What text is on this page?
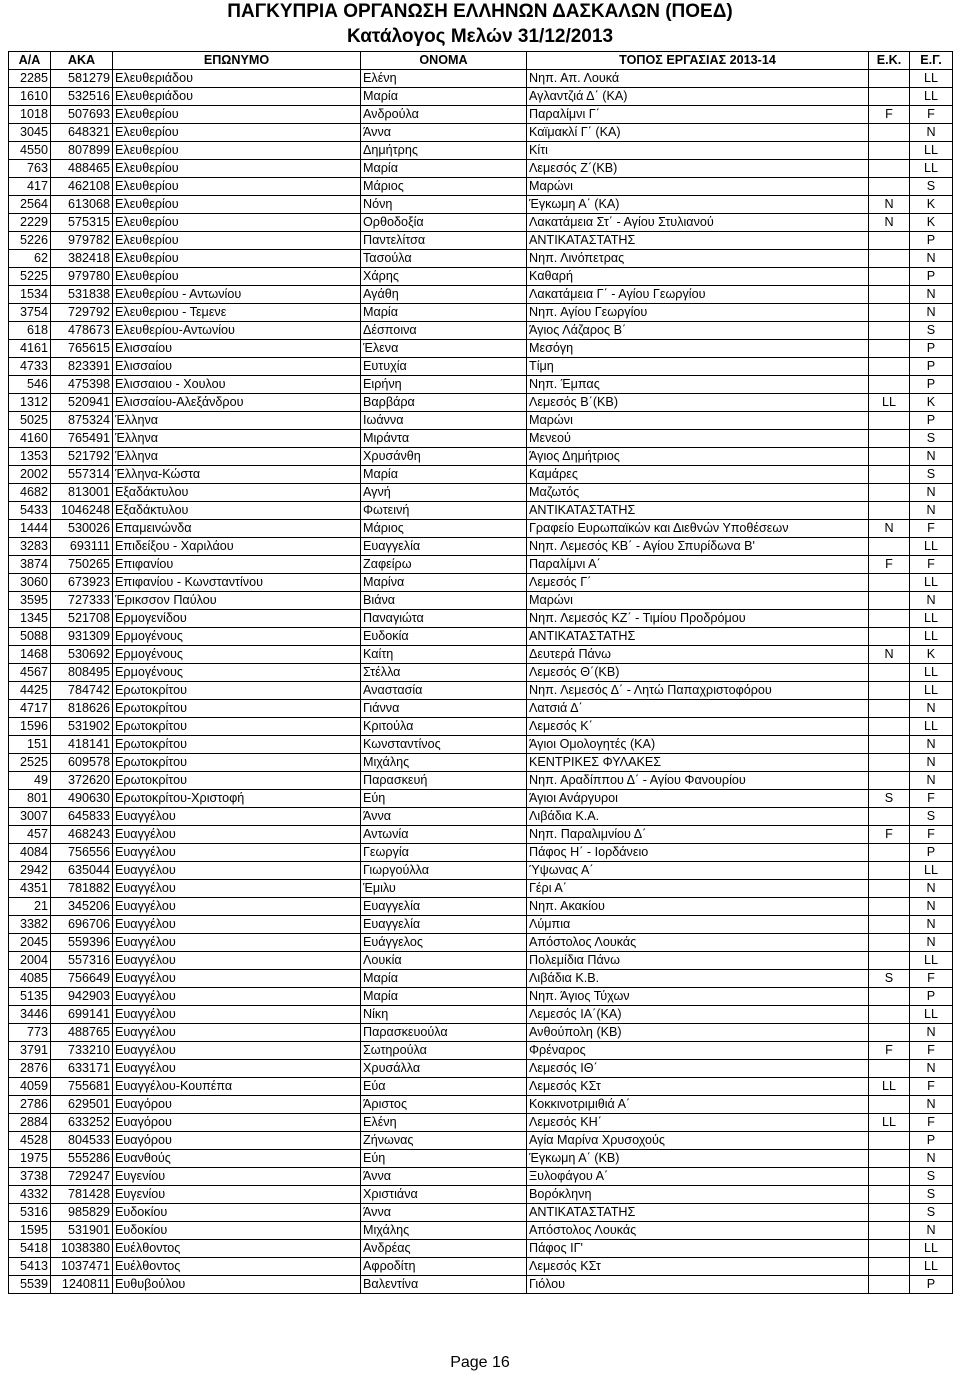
ΠΑΓΚΥΠΡΙΑ ΟΡΓΑΝΩΣΗ ΕΛΛΗΝΩΝ ΔΑΣΚΑΛΩΝ (ΠΟΕΔ)
Κατάλογος Μελών 31/12/2013
Α/Α	ΑΚΑ	ΕΠΩΝΥΜΟ	ΟΝΟΜΑ	ΤΟΠΟΣ ΕΡΓΑΣΙΑΣ 2013-14	Ε.Κ.	Ε.Γ.
2285	581279	Ελευθεριάδου	Ελένη	Νηπ. Απ. Λουκά		LL
1610	532516	Ελευθεριάδου	Μαρία	Αγλαντζιά Δ΄ (ΚΑ)		LL
1018	507693	Ελευθερίου	Ανδρούλα	Παραλίμνι Γ΄	F	F
3045	648321	Ελευθερίου	Άννα	Καϊμακλί Γ΄ (ΚΑ)		N
4550	807899	Ελευθερίου	Δημήτρης	Κίτι		LL
763	488465	Ελευθερίου	Μαρία	Λεμεσός Ζ΄(ΚΒ)		LL
417	462108	Ελευθερίου	Μάριος	Μαρώνι		S
2564	613068	Ελευθερίου	Νόνη	Έγκωμη Α΄ (ΚΑ)	N	K
2229	575315	Ελευθερίου	Ορθοδοξία	Λακατάμεια Στ΄ - Αγίου Στυλιανού	N	K
5226	979782	Ελευθερίου	Παντελίτσα	ΑΝΤΙΚΑΤΑΣΤΑΤΗΣ		P
62	382418	Ελευθερίου	Τασούλα	Νηπ. Λινόπετρας		N
5225	979780	Ελευθερίου	Χάρης	Καθαρή		P
1534	531838	Ελευθερίου - Αντωνίου	Αγάθη	Λακατάμεια Γ΄ - Αγίου Γεωργίου		N
3754	729792	Ελευθεριου - Τεμενε	Μαρία	Νηπ. Αγίου Γεωργίου		N
618	478673	Ελευθερίου-Αντωνίου	Δέσποινα	Άγιος Λάζαρος Β΄		S
4161	765615	Ελισσαίου	Έλενα	Μεσόγη		P
4733	823391	Ελισσαίου	Ευτυχία	Τίμη		P
546	475398	Ελισσαιου - Χουλου	Ειρήνη	Νηπ. Έμπας		P
1312	520941	Ελισσαίου-Αλεξάνδρου	Βαρβάρα	Λεμεσός Β΄(ΚΒ)	LL	K
5025	875324	Έλληνα	Ιωάννα	Μαρώνι		P
4160	765491	Έλληνα	Μιράντα	Μενεού		S
1353	521792	Έλληνα	Χρυσάνθη	Άγιος Δημήτριος		N
2002	557314	Έλληνα-Κώστα	Μαρία	Καμάρες		S
4682	813001	Εξαδάκτυλου	Αγνή	Μαζωτός		N
5433	1046248	Εξαδάκτυλου	Φωτεινή	ΑΝΤΙΚΑΤΑΣΤΑΤΗΣ		N
1444	530026	Επαμεινώνδα	Μάριος	Γραφείο Ευρωπαϊκών και Διεθνών Υποθέσεων	N	F
3283	693111	Επιδείξου - Χαριλάου	Ευαγγελία	Νηπ. Λεμεσός ΚΒ΄ - Αγίου Σπυρίδωνα Β'		LL
3874	750265	Επιφανίου	Ζαφείρω	Παραλίμνι Α΄	F	F
3060	673923	Επιφανίου - Κωνσταντίνου	Μαρίνα	Λεμεσός Γ΄		LL
3595	727333	Έρικσσον Παύλου	Βιάνα	Μαρώνι		N
1345	521708	Ερμογενίδου	Παναγιώτα	Νηπ. Λεμεσός ΚΖ΄ - Τιμίου Προδρόμου		LL
5088	931309	Ερμογένους	Ευδοκία	ΑΝΤΙΚΑΤΑΣΤΑΤΗΣ		LL
1468	530692	Ερμογένους	Καίτη	Δευτερά Πάνω	N	K
4567	808495	Ερμογένους	Στέλλα	Λεμεσός Θ΄(ΚΒ)		LL
4425	784742	Ερωτοκρίτου	Αναστασία	Νηπ. Λεμεσός Δ΄ - Λητώ Παπαχριστοφόρου		LL
4717	818626	Ερωτοκρίτου	Γιάννα	Λατσιά Δ΄		N
1596	531902	Ερωτοκρίτου	Κριτούλα	Λεμεσός Κ΄		LL
151	418141	Ερωτοκρίτου	Κωνσταντίνος	Άγιοι Ομολογητές (ΚΑ)		N
2525	609578	Ερωτοκρίτου	Μιχάλης	ΚΕΝΤΡΙΚΕΣ ΦΥΛΑΚΕΣ		N
49	372620	Ερωτοκρίτου	Παρασκευή	Νηπ. Αραδίππου Δ΄ - Αγίου Φανουρίου		N
801	490630	Ερωτοκρίτου-Χριστοφή	Εύη	Άγιοι Ανάργυροι	S	F
3007	645833	Ευαγγέλου	Άννα	Λιβάδια Κ.Α.		S
457	468243	Ευαγγέλου	Αντωνία	Νηπ. Παραλιμνίου Δ΄	F	F
4084	756556	Ευαγγέλου	Γεωργία	Πάφος Η΄ - Ιορδάνειο		P
2942	635044	Ευαγγέλου	Γιωργούλλα	Ύψωνας Α΄		LL
4351	781882	Ευαγγέλου	Έμιλυ	Γέρι Α΄		N
21	345206	Ευαγγέλου	Ευαγγελία	Νηπ. Ακακίου		N
3382	696706	Ευαγγέλου	Ευαγγελία	Λύμπια		N
2045	559396	Ευαγγέλου	Ευάγγελος	Απόστολος Λουκάς		N
2004	557316	Ευαγγέλου	Λουκία	Πολεμίδια Πάνω		LL
4085	756649	Ευαγγέλου	Μαρία	Λιβάδια Κ.Β.	S	F
5135	942903	Ευαγγέλου	Μαρία	Νηπ. Άγιος Τύχων		P
3446	699141	Ευαγγέλου	Νίκη	Λεμεσός ΙΑ΄(ΚΑ)		LL
773	488765	Ευαγγέλου	Παρασκευούλα	Ανθούπολη (ΚΒ)		N
3791	733210	Ευαγγέλου	Σωτηρούλα	Φρέναρος	F	F
2876	633171	Ευαγγέλου	Χρυσάλλα	Λεμεσός ΙΘ΄		N
4059	755681	Ευαγγέλου-Κουπέπα	Εύα	Λεμεσός ΚΣτ	LL	F
2786	629501	Ευαγόρου	Άριστος	Κοκκινοτριμιθιά Α΄		N
2884	633252	Ευαγόρου	Ελένη	Λεμεσός ΚΗ΄	LL	F
4528	804533	Ευαγόρου	Ζήνωνας	Αγία Μαρίνα Χρυσοχούς		P
1975	555286	Ευανθούς	Εύη	Έγκωμη Α΄ (ΚΒ)		N
3738	729247	Ευγενίου	Άννα	Ξυλοφάγου Α΄		S
4332	781428	Ευγενίου	Χριστιάνα	Βορόκληνη		S
5316	985829	Ευδοκίου	Άννα	ΑΝΤΙΚΑΤΑΣΤΑΤΗΣ		S
1595	531901	Ευδοκίου	Μιχάλης	Απόστολος Λουκάς		N
5418	1038380	Ευέλθοντος	Ανδρέας	Πάφος ΙΓ'		LL
5413	1037471	Ευέλθοντος	Αφροδίτη	Λεμεσός ΚΣτ		LL
5539	1240811	Ευθυβούλου	Βαλεντίνα	Γιόλου		P
Page 16
